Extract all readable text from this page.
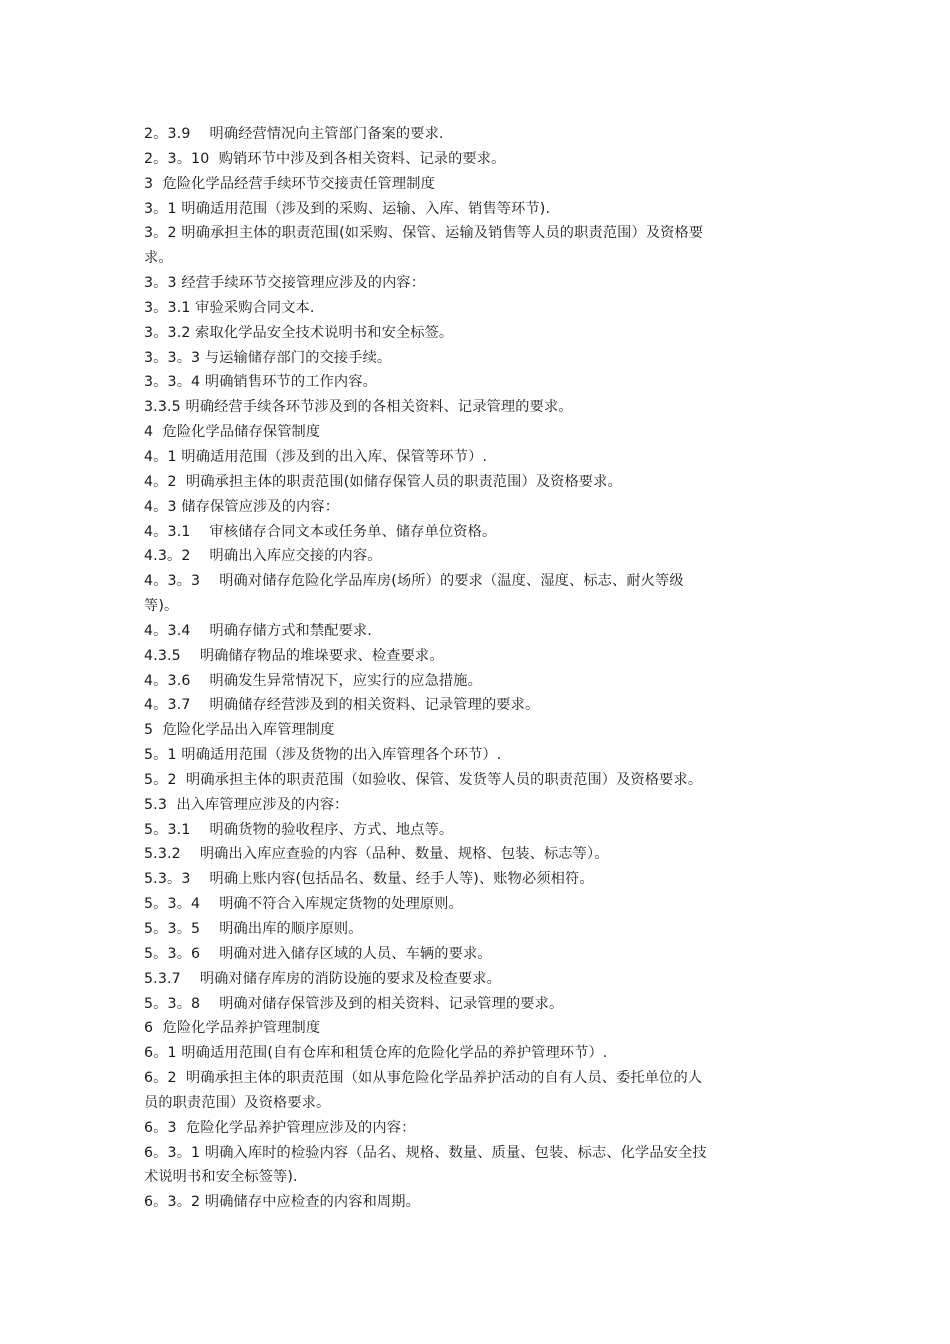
2。3.9　 明确经营情况向主管部门备案的要求.
2。3。10  购销环节中涉及到各相关资料、记录的要求。
3  危险化学品经营手续环节交接责任管理制度
3。1 明确适用范围（涉及到的采购、运输、入库、销售等环节).
3。2 明确承担主体的职责范围(如采购、保管、运输及销售等人员的职责范围）及资格要
求。
3。3 经营手续环节交接管理应涉及的内容：
3。3.1 审验采购合同文本.
3。3.2 索取化学品安全技术说明书和安全标签。
3。3。3 与运输储存部门的交接手续。
3。3。4 明确销售环节的工作内容。
3.3.5 明确经营手续各环节涉及到的各相关资料、记录管理的要求。
4  危险化学品储存保管制度
4。1 明确适用范围（涉及到的出入库、保管等环节）.
4。2  明确承担主体的职责范围(如储存保管人员的职责范围）及资格要求。
4。3 储存保管应涉及的内容：
4。3.1　 审核储存合同文本或任务单、储存单位资格。
4.3。2　 明确出入库应交接的内容。
4。3。3　 明确对储存危险化学品库房(场所）的要求（温度、湿度、标志、耐火等级
等)。
4。3.4　 明确存储方式和禁配要求.
4.3.5　 明确储存物品的堆垛要求、检查要求。
4。3.6　 明确发生异常情况下，应实行的应急措施。
4。3.7　 明确储存经营涉及到的相关资料、记录管理的要求。
5  危险化学品出入库管理制度
5。1 明确适用范围（涉及货物的出入库管理各个环节）.
5。2  明确承担主体的职责范围（如验收、保管、发货等人员的职责范围）及资格要求。
5.3  出入库管理应涉及的内容：
5。3.1　 明确货物的验收程序、方式、地点等。
5.3.2　 明确出入库应查验的内容（品种、数量、规格、包装、标志等）。
5.3。3　 明确上账内容(包括品名、数量、经手人等)、账物必须相符。
5。3。4　 明确不符合入库规定货物的处理原则。
5。3。5　 明确出库的顺序原则。
5。3。6　 明确对进入储存区域的人员、车辆的要求。
5.3.7　 明确对储存库房的消防设施的要求及检查要求。
5。3。8　 明确对储存保管涉及到的相关资料、记录管理的要求。
6  危险化学品养护管理制度
6。1 明确适用范围(自有仓库和租赁仓库的危险化学品的养护管理环节）.
6。2  明确承担主体的职责范围（如从事危险化学品养护活动的自有人员、委托单位的人
员的职责范围）及资格要求。
6。3  危险化学品养护管理应涉及的内容：
6。3。1 明确入库时的检验内容（品名、规格、数量、质量、包装、标志、化学品安全技
术说明书和安全标签等).
6。3。2 明确储存中应检查的内容和周期。
